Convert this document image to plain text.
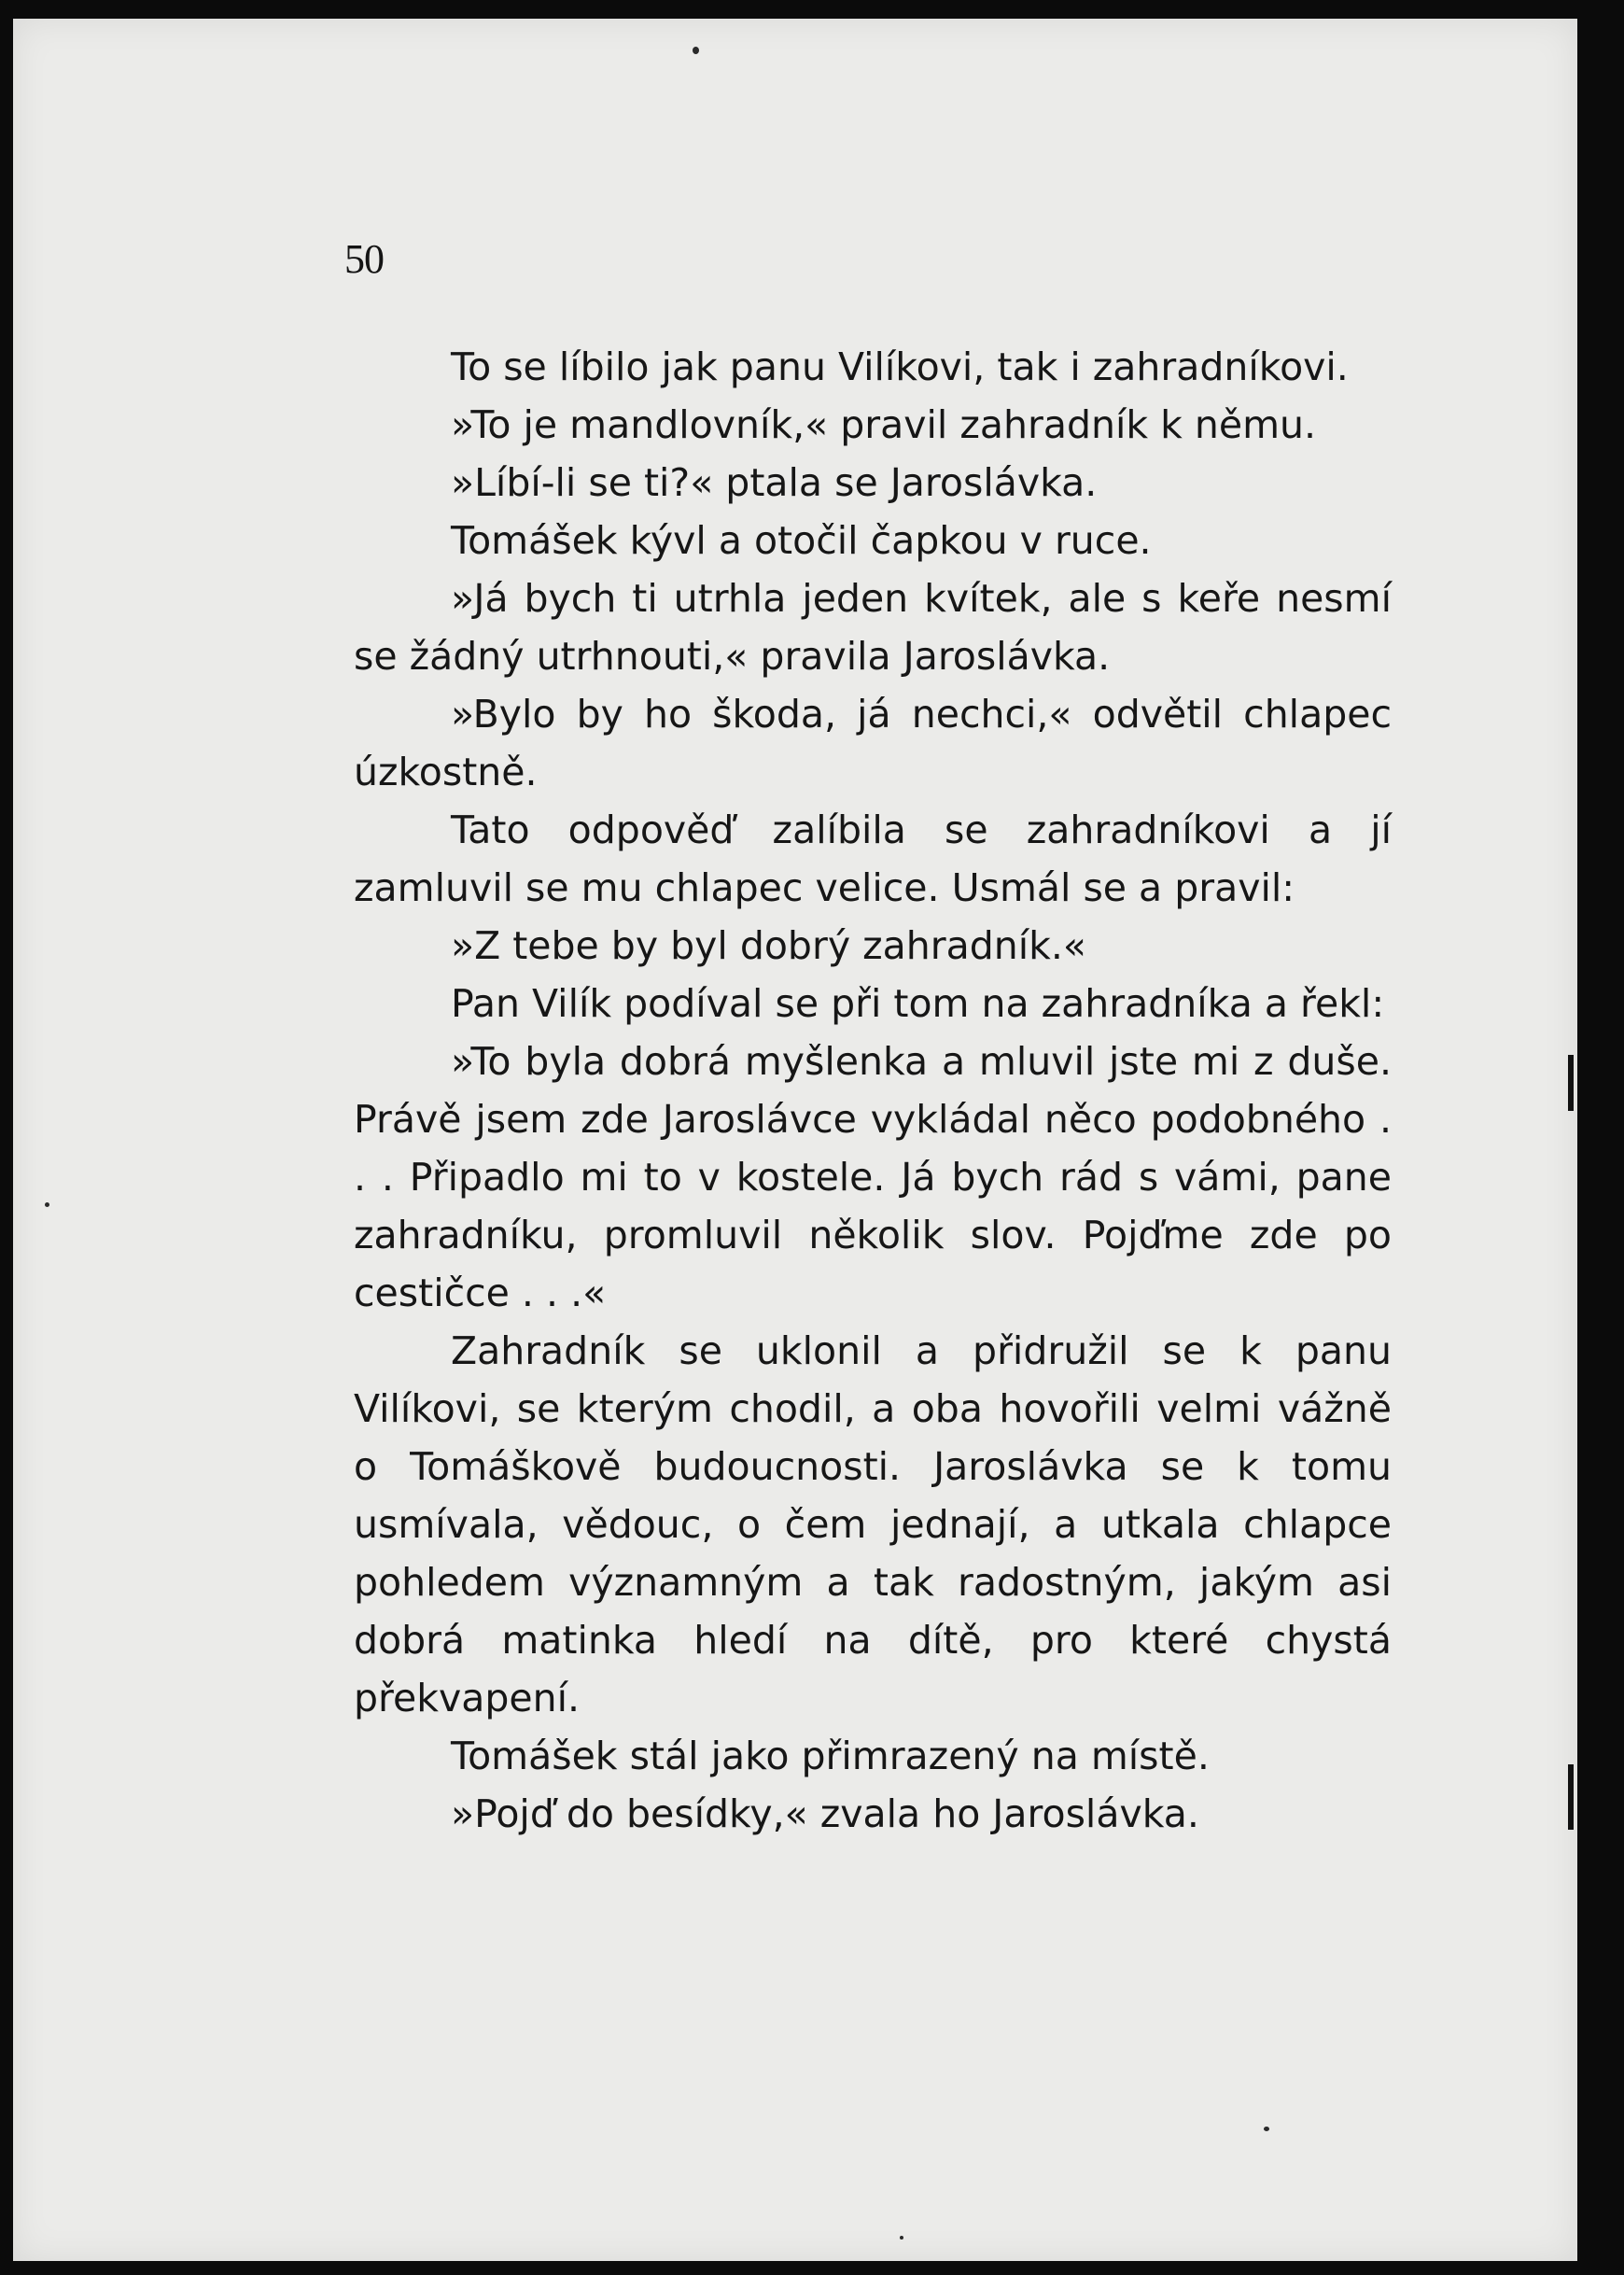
50

To se líbilo jak panu Vilíkovi, tak i zahradníkovi.

»To je mandlovník,« pravil zahradník k němu.

»Líbí-li se ti?« ptala se Jaroslávka.

Tomášek kývl a otočil čapkou v ruce.

»Já bych ti utrhla jeden kvítek, ale s keře nesmí se žádný utrhnouti,« pravila Jaroslávka.

»Bylo by ho škoda, já nechci,« odvětil chlapec úzkostně.

Tato odpověď zalíbila se zahradníkovi a jí zamluvil se mu chlapec velice. Usmál se a pravil:

»Z tebe by byl dobrý zahradník.«

Pan Vilík podíval se při tom na zahradníka a řekl:

»To byla dobrá myšlenka a mluvil jste mi z duše. Právě jsem zde Jaroslávce vykládal něco podobného . . . Připadlo mi to v kostele. Já bych rád s vámi, pane zahradníku, promluvil několik slov. Pojďme zde po cestičce . . .«

Zahradník se uklonil a přidružil se k panu Vilíkovi, se kterým chodil, a oba hovořili velmi vážně o Tomáškově budoucnosti. Jaroslávka se k tomu usmívala, vědouc, o čem jednají, a utkala chlapce pohledem významným a tak radostným, jakým asi dobrá matinka hledí na dítě, pro které chystá překvapení.

Tomášek stál jako přimrazený na místě.

»Pojď do besídky,« zvala ho Jaroslávka.
